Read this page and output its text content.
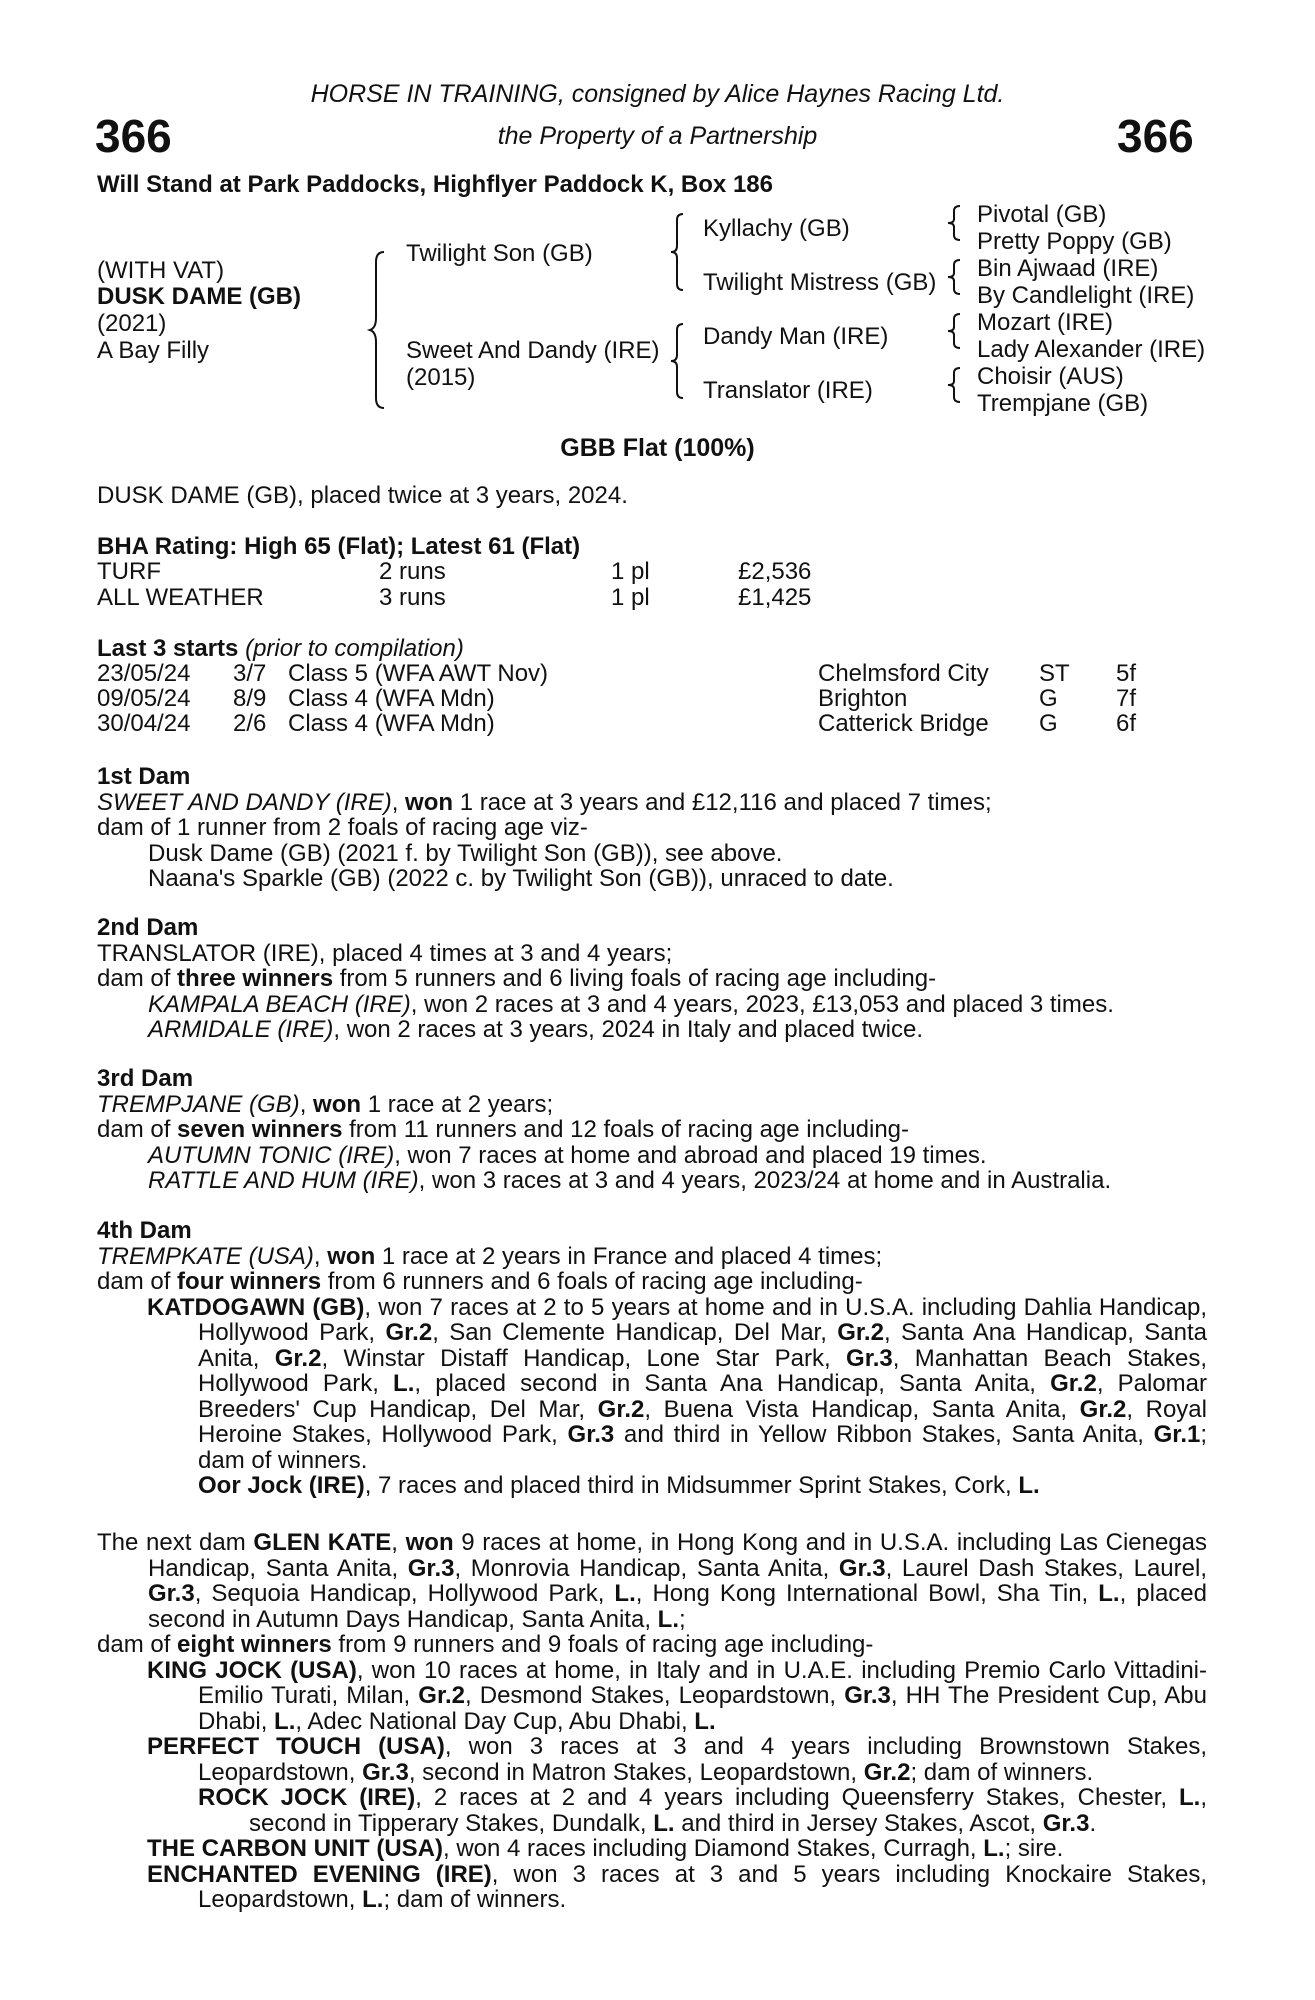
HORSE IN TRAINING, consigned by Alice Haynes Racing Ltd.
366	the Property of a Partnership	366
Will Stand at Park Paddocks, Highflyer Paddock K, Box 186
(WITH VAT)
DUSK DAME (GB)
(2021)
A Bay Filly
Twilight Son (GB)
Sweet And Dandy (IRE)
(2015)
Kyllachy (GB)
Twilight Mistress (GB)
Dandy Man (IRE)
Translator (IRE)
Pivotal (GB)
Pretty Poppy (GB)
Bin Ajwaad (IRE)
By Candlelight (IRE)
Mozart (IRE)
Lady Alexander (IRE)
Choisir (AUS)
Trempjane (GB)
GBB Flat (100%)
DUSK DAME (GB), placed twice at 3 years, 2024.
BHA Rating: High 65 (Flat); Latest 61 (Flat)
TURF	2 runs	1 pl	£2,536
ALL WEATHER	3 runs	1 pl	£1,425
Last 3 starts (prior to compilation)
23/05/24 3/7 Class 5 (WFA AWT Nov)	Chelmsford City ST 5f
09/05/24 8/9 Class 4 (WFA Mdn)	Brighton	G 7f
30/04/24 2/6 Class 4 (WFA Mdn)	Catterick Bridge G 6f

1st Dam

SWEET AND DANDY (IRE), won 1 race at 3 years and £12,116 and placed 7 times;

dam of 1 runner from 2 foals of racing age viz-

Dusk Dame (GB) (2021 f. by Twilight Son (GB)), see above.

Naana's Sparkle (GB) (2022 c. by Twilight Son (GB)), unraced to date.

2nd Dam

TRANSLATOR (IRE), placed 4 times at 3 and 4 years;

dam of three winners from 5 runners and 6 living foals of racing age including-

KAMPALA BEACH (IRE), won 2 races at 3 and 4 years, 2023, £13,053 and placed 3 times.

ARMIDALE (IRE), won 2 races at 3 years, 2024 in Italy and placed twice.

3rd Dam

TREMPJANE (GB), won 1 race at 2 years;

dam of seven winners from 11 runners and 12 foals of racing age including-

AUTUMN TONIC (IRE), won 7 races at home and abroad and placed 19 times.

RATTLE AND HUM (IRE), won 3 races at 3 and 4 years, 2023/24 at home and in Australia.

4th Dam

TREMPKATE (USA), won 1 race at 2 years in France and placed 4 times;

dam of four winners from 6 runners and 6 foals of racing age including-

KATDOGAWN (GB), won 7 races at 2 to 5 years at home and in U.S.A. including Dahlia Handicap, Hollywood Park, Gr.2, San Clemente Handicap, Del Mar, Gr.2, Santa Ana Handicap, Santa Anita, Gr.2, Winstar Distaff Handicap, Lone Star Park, Gr.3, Manhattan Beach Stakes, Hollywood Park, L., placed second in Santa Ana Handicap, Santa Anita, Gr.2, Palomar Breeders' Cup Handicap, Del Mar, Gr.2, Buena Vista Handicap, Santa Anita, Gr.2, Royal Heroine Stakes, Hollywood Park, Gr.3 and third in Yellow Ribbon Stakes, Santa Anita, Gr.1; dam of winners.

Oor Jock (IRE), 7 races and placed third in Midsummer Sprint Stakes, Cork, L.

The next dam GLEN KATE, won 9 races at home, in Hong Kong and in U.S.A. including Las Cienegas Handicap, Santa Anita, Gr.3, Monrovia Handicap, Santa Anita, Gr.3, Laurel Dash Stakes, Laurel, Gr.3, Sequoia Handicap, Hollywood Park, L., Hong Kong International Bowl, Sha Tin, L., placed second in Autumn Days Handicap, Santa Anita, L.;

dam of eight winners from 9 runners and 9 foals of racing age including-

KING JOCK (USA), won 10 races at home, in Italy and in U.A.E. including Premio Carlo Vittadini-Emilio Turati, Milan, Gr.2, Desmond Stakes, Leopardstown, Gr.3, HH The President Cup, Abu Dhabi, L., Adec National Day Cup, Abu Dhabi, L.

PERFECT TOUCH (USA), won 3 races at 3 and 4 years including Brownstown Stakes, Leopardstown, Gr.3, second in Matron Stakes, Leopardstown, Gr.2; dam of winners.

ROCK JOCK (IRE), 2 races at 2 and 4 years including Queensferry Stakes, Chester, L., second in Tipperary Stakes, Dundalk, L. and third in Jersey Stakes, Ascot, Gr.3.

THE CARBON UNIT (USA), won 4 races including Diamond Stakes, Curragh, L.; sire.

ENCHANTED EVENING (IRE), won 3 races at 3 and 5 years including Knockaire Stakes, Leopardstown, L.; dam of winners.
